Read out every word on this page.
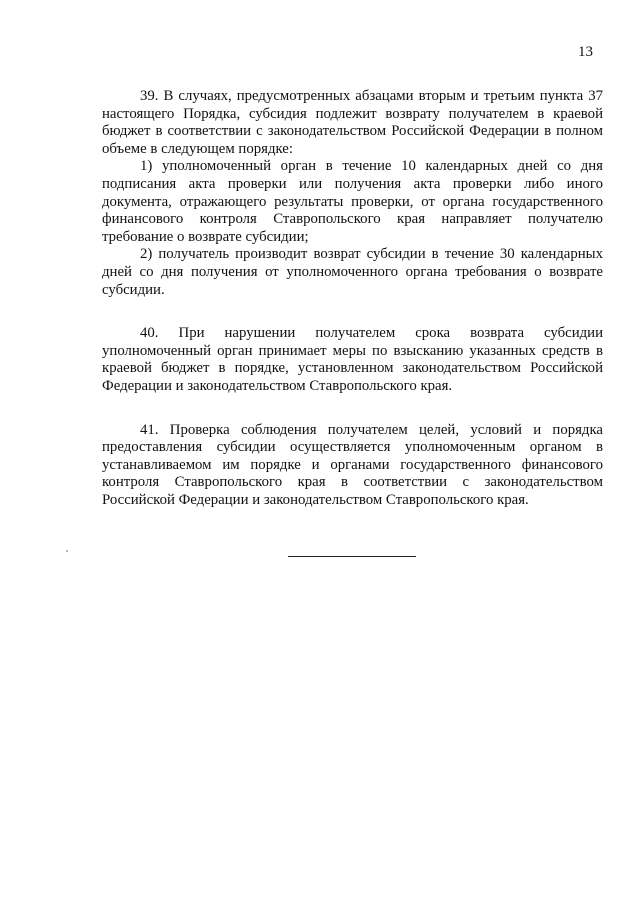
13

39. В случаях, предусмотренных абзацами вторым и третьим пункта 37 настоящего Порядка, субсидия подлежит возврату получателем в краевой бюджет в соответствии с законодательством Российской Федерации в полном объеме в следующем порядке:

1) уполномоченный орган в течение 10 календарных дней со дня подписания акта проверки или получения акта проверки либо иного документа, отражающего результаты проверки, от органа государственного финансового контроля Ставропольского края направляет получателю требование о возврате субсидии;

2) получатель производит возврат субсидии в течение 30 календарных дней со дня получения от уполномоченного органа требования о возврате субсидии.

40. При нарушении получателем срока возврата субсидии уполномоченный орган принимает меры по взысканию указанных средств в краевой бюджет в порядке, установленном законодательством Российской Федерации и законодательством Ставропольского края.

41. Проверка соблюдения получателем целей, условий и порядка предоставления субсидии осуществляется уполномоченным органом в устанавливаемом им порядке и органами государственного финансового контроля Ставропольского края в соответствии с законодательством Российской Федерации и законодательством Ставропольского края.
